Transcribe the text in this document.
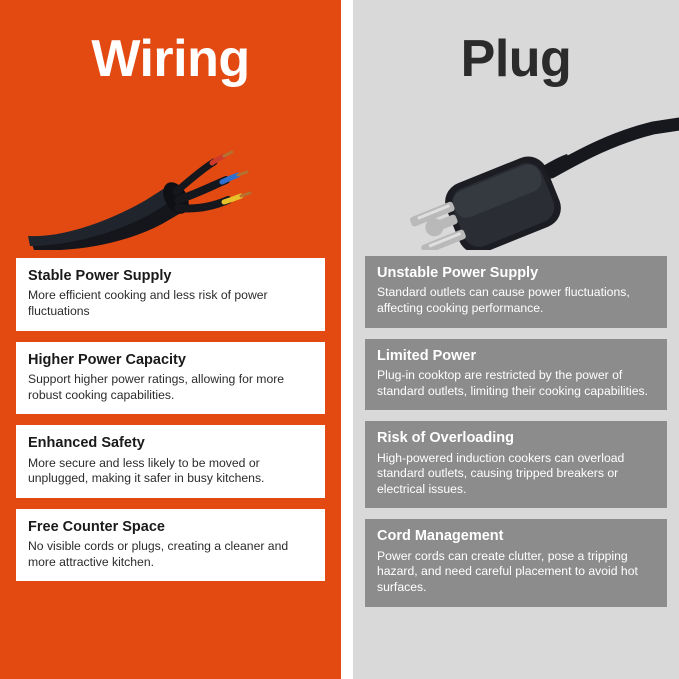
Wiring

Stable Power Supply

More efficient cooking and less risk of power fluctuations

Higher Power Capacity

Support higher power ratings, allowing for more robust cooking capabilities.

Enhanced Safety

More secure and less likely to be moved or unplugged, making it safer in busy kitchens.

Free Counter Space

No visible cords or plugs, creating a cleaner and more attractive kitchen.

Plug

Unstable Power Supply

Standard outlets can cause power fluctuations, affecting cooking performance.

Limited Power

Plug-in cooktop are restricted by the power of standard outlets, limiting their cooking capabilities.

Risk of Overloading

High-powered induction cookers can overload standard outlets, causing tripped breakers or electrical issues.

Cord Management

Power cords can create clutter, pose a tripping hazard, and need careful placement to avoid hot surfaces.
